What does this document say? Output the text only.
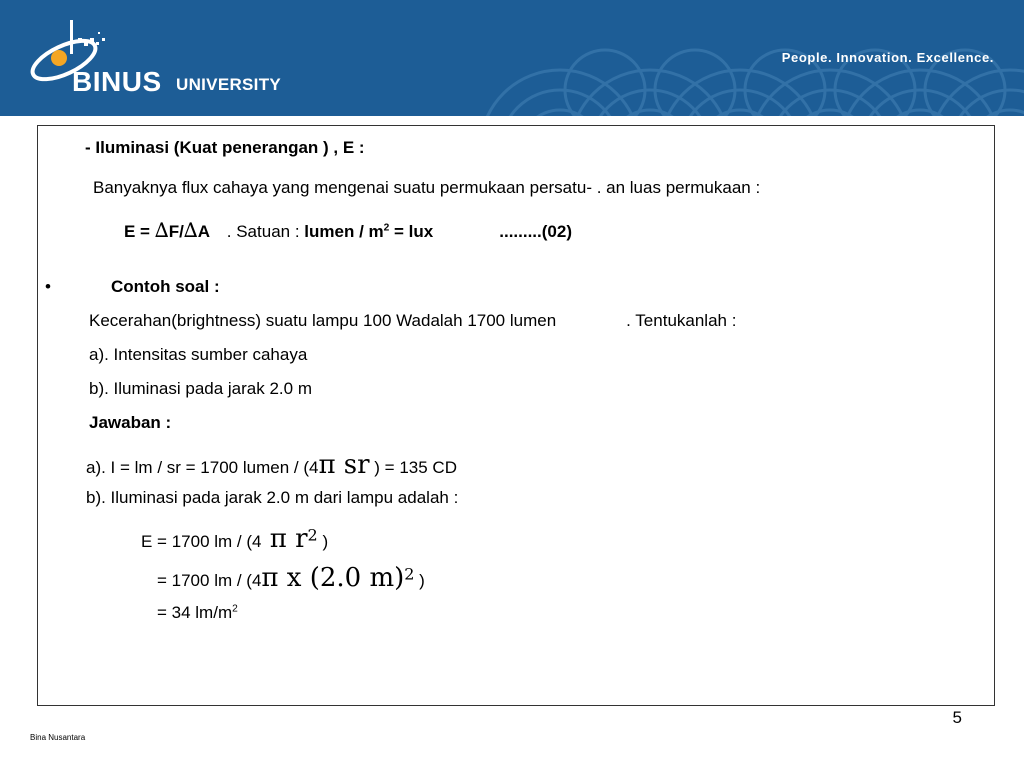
BINUS UNIVERSITY
People. Innovation. Excellence.
- Iluminasi (Kuat penerangan ) , E :
Banyaknya flux cahaya yang mengenai suatu permukaan persatu- . an luas permukaan :
E = ∆F/∆A . Satuan : lumen / $m^2$ = lux	.........(02)
•	Contoh soal :
Kecerahan(brightness) suatu lampu 100 Wadalah 1700 lumen	. Tentukanlah :
a). Intensitas sumber cahaya
b). Iluminasi pada jarak 2.0 m
Jawaban :
a). I = lm / sr = 1700 lumen / (4π sr ) = 135 CD
b). Iluminasi pada jarak 2.0 m dari lampu adalah :
E = 1700 lm / (4 π $r^2$ )
= 1700 lm / (4π x (2.0 m)$^2$ )
= 34 $lm/m^2$
5
Bina Nusantara
